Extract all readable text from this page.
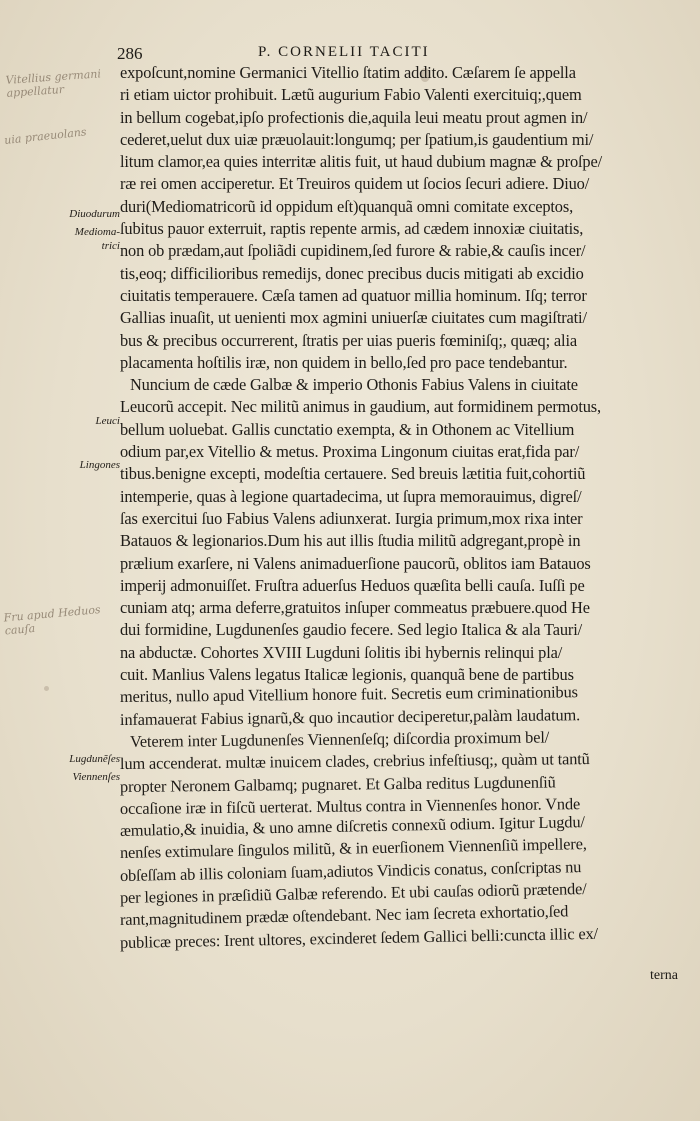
286	P. CORNELII TACITI
Vitellius germani appellatur
uia praeuolans
Fru apud Heduos cauſa
Diuodurum
Medioma- trici
Leuci
Lingones
Lugdunẽſes
Viennenſes
expoſcunt,nomine Germanici Vitellio ſtatim addito. Cæſarem ſe appella
ri etiam uictor prohibuit. Lætũ augurium Fabio Valenti exercituiq;,quem
in bellum cogebat,ipſo profectionis die,aquila leui meatu prout agmen in/
cederet,uelut dux uiæ præuolauit:longumq; per ſpatium,is gaudentium mi/
litum clamor,ea quies interritæ alitis fuit, ut haud dubium magnæ & proſpe/
ræ rei omen acciperetur. Et Treuiros quidem ut ſocios ſecuri adiere. Diuo/
duri(Mediomatricorũ id oppidum eſt)quanquã omni comitate exceptos,
ſubitus pauor exterruit, raptis repente armis, ad cædem innoxiæ ciuitatis,
non ob prædam,aut ſpoliãdi cupidinem,ſed furore & rabie,& cauſis incer/
tis,eoq; difficilioribus remedijs, donec precibus ducis mitigati ab excidio
ciuitatis temperauere. Cæſa tamen ad quatuor millia hominum. Iſq; terror
Gallias inuaſit, ut uenienti mox agmini uniuerſæ ciuitates cum magiſtrati/
bus & precibus occurrerent, ſtratis per uias pueris fœminiſq;, quæq; alia
placamenta hoſtilis iræ, non quidem in bello,ſed pro pace tendebantur.
Nuncium de cæde Galbæ & imperio Othonis Fabius Valens in ciuitate
Leucorũ accepit. Nec militũ animus in gaudium, aut formidinem permotus,
bellum uoluebat. Gallis cunctatio exempta, & in Othonem ac Vitellium
odium par,ex Vitellio & metus. Proxima Lingonum ciuitas erat,fida par/
tibus.benigne excepti, modeſtia certauere. Sed breuis lætitia fuit,cohortiũ
intemperie, quas à legione quartadecima, ut ſupra memorauimus, digreſ/
ſas exercitui ſuo Fabius Valens adiunxerat. Iurgia primum,mox rixa inter
Batauos & legionarios.Dum his aut illis ſtudia militũ adgregant,propè in
prælium exarſere, ni Valens animaduerſione paucorũ, oblitos iam Batauos
imperij admonuiſſet. Fruſtra aduerſus Heduos quæſita belli cauſa. Iuſſi pe
cuniam atq; arma deferre,gratuitos inſuper commeatus præbuere.quod He
dui formidine, Lugdunenſes gaudio fecere. Sed legio Italica & ala Tauri/
na abductæ. Cohortes XVIII Lugduni ſolitis ibi hybernis relinqui pla/
cuit. Manlius Valens legatus Italicæ legionis, quanquã bene de partibus
meritus, nullo apud Vitellium honore fuit. Secretis eum criminationibus
infamauerat Fabius ignarũ,& quo incautior deciperetur,palàm laudatum.
Veterem inter Lugdunenſes Viennenſeſq; diſcordia proximum bel/
lum accenderat. multæ inuicem clades, crebrius infeſtiusq;, quàm ut tantũ
propter Neronem Galbamq; pugnaret. Et Galba reditus Lugdunenſiũ
occaſione iræ in fiſcũ uerterat. Multus contra in Viennenſes honor. Vnde
æmulatio,& inuidia, & uno amne diſcretis connexũ odium. Igitur Lugdu/
nenſes extimulare ſingulos militũ, & in euerſionem Viennenſiũ impellere,
obſeſſam ab illis coloniam ſuam,adiutos Vindicis conatus, conſcriptas nu
per legiones in præſidiũ Galbæ referendo. Et ubi cauſas odiorũ prætende/
rant,magnitudinem prædæ oſtendebant. Nec iam ſecreta exhortatio,ſed
publicæ preces: Irent ultores, excinderet ſedem Gallici belli:cuncta illic ex/
terna
